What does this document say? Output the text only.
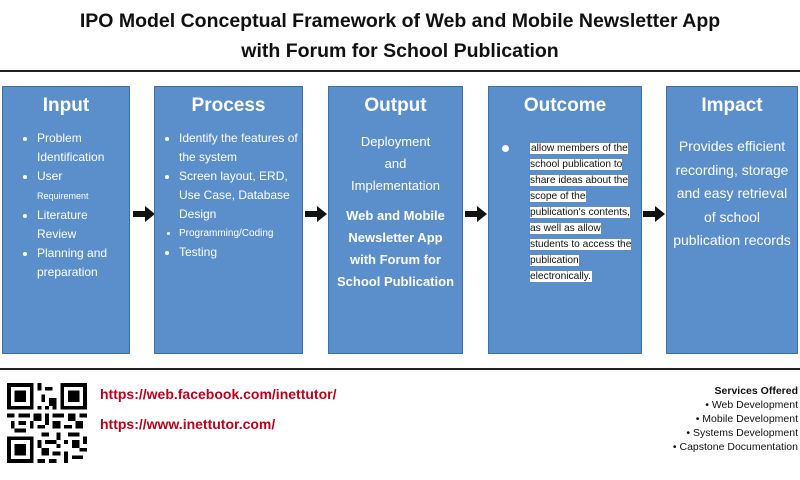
IPO Model Conceptual Framework of Web and Mobile Newsletter App
with Forum for School Publication
Input
• Problem Identification
• User
Requirement
• Literature Review
• Planning and preparation
Process
• Identify the features of the system
• Screen layout, ERD, Use Case, Database Design
• Programming/Coding
• Testing
Output
Deployment
and
Implementation
Web and Mobile Newsletter App with Forum for School Publication
Outcome
allow members of the school publication to share ideas about the scope of the publication's contents, as well as allow students to access the publication electronically.
Impact
Provides efficient recording, storage and easy retrieval of school publication records
https://web.facebook.com/inettutor/
https://www.inettutor.com/
Services Offered
• Web Development
• Mobile Development
• Systems Development
• Capstone Documentation
